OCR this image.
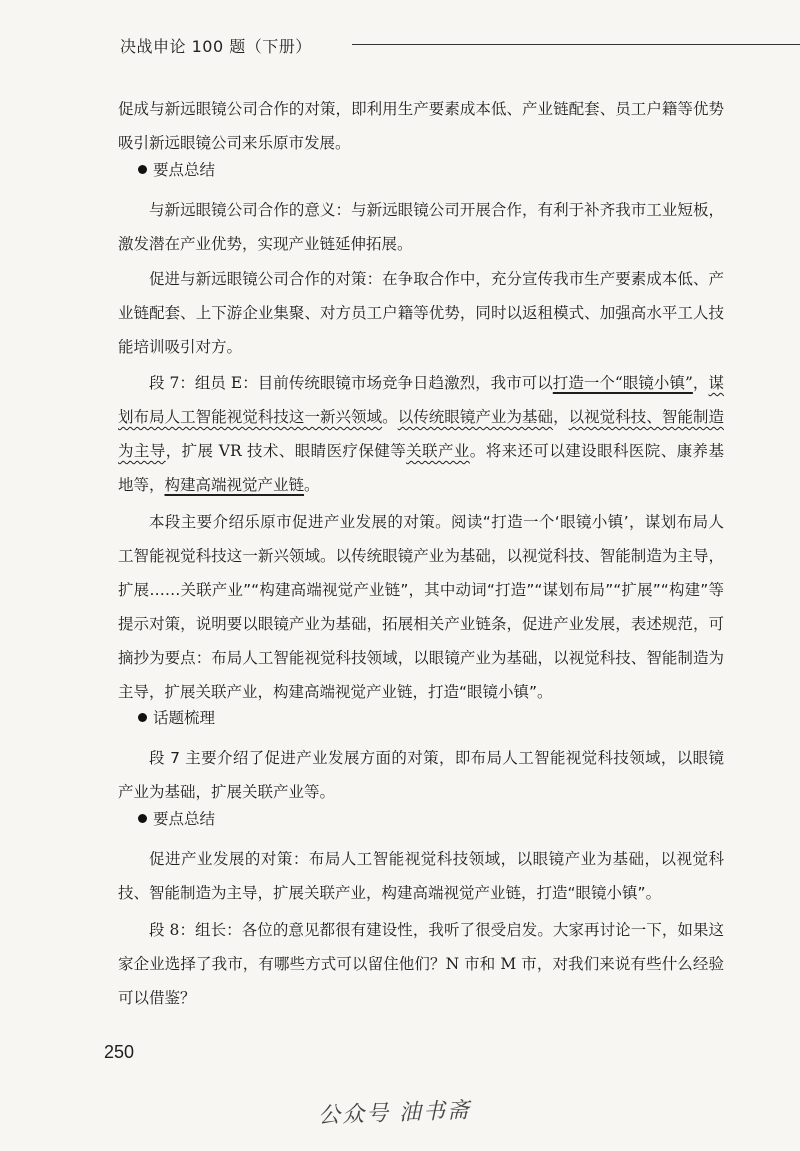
决战申论 100 题（下册）

促成与新远眼镜公司合作的对策，即利用生产要素成本低、产业链配套、员工户籍等优势吸引新远眼镜公司来乐原市发展。

要点总结

与新远眼镜公司合作的意义：与新远眼镜公司开展合作，有利于补齐我市工业短板，激发潜在产业优势，实现产业链延伸拓展。

促进与新远眼镜公司合作的对策：在争取合作中，充分宣传我市生产要素成本低、产业链配套、上下游企业集聚、对方员工户籍等优势，同时以返租模式、加强高水平工人技能培训吸引对方。

段 7：组员 E：目前传统眼镜市场竞争日趋激烈，我市可以打造一个“眼镜小镇”，谋划布局人工智能视觉科技这一新兴领域。以传统眼镜产业为基础，以视觉科技、智能制造为主导，扩展 VR 技术、眼睛医疗保健等关联产业。将来还可以建设眼科医院、康养基地等，构建高端视觉产业链。

本段主要介绍乐原市促进产业发展的对策。阅读“打造一个‘眼镜小镇’，谋划布局人工智能视觉科技这一新兴领域。以传统眼镜产业为基础，以视觉科技、智能制造为主导，扩展……关联产业”“构建高端视觉产业链”，其中动词“打造”“谋划布局”“扩展”“构建”等提示对策，说明要以眼镜产业为基础，拓展相关产业链条，促进产业发展，表述规范，可摘抄为要点：布局人工智能视觉科技领域，以眼镜产业为基础，以视觉科技、智能制造为主导，扩展关联产业，构建高端视觉产业链，打造“眼镜小镇”。

话题梳理

段 7 主要介绍了促进产业发展方面的对策，即布局人工智能视觉科技领域，以眼镜产业为基础，扩展关联产业等。

要点总结

促进产业发展的对策：布局人工智能视觉科技领域，以眼镜产业为基础，以视觉科技、智能制造为主导，扩展关联产业，构建高端视觉产业链，打造“眼镜小镇”。

段 8：组长：各位的意见都很有建设性，我听了很受启发。大家再讨论一下，如果这家企业选择了我市，有哪些方式可以留住他们？N 市和 M 市，对我们来说有些什么经验可以借鉴？

250
公众号 油书斋
